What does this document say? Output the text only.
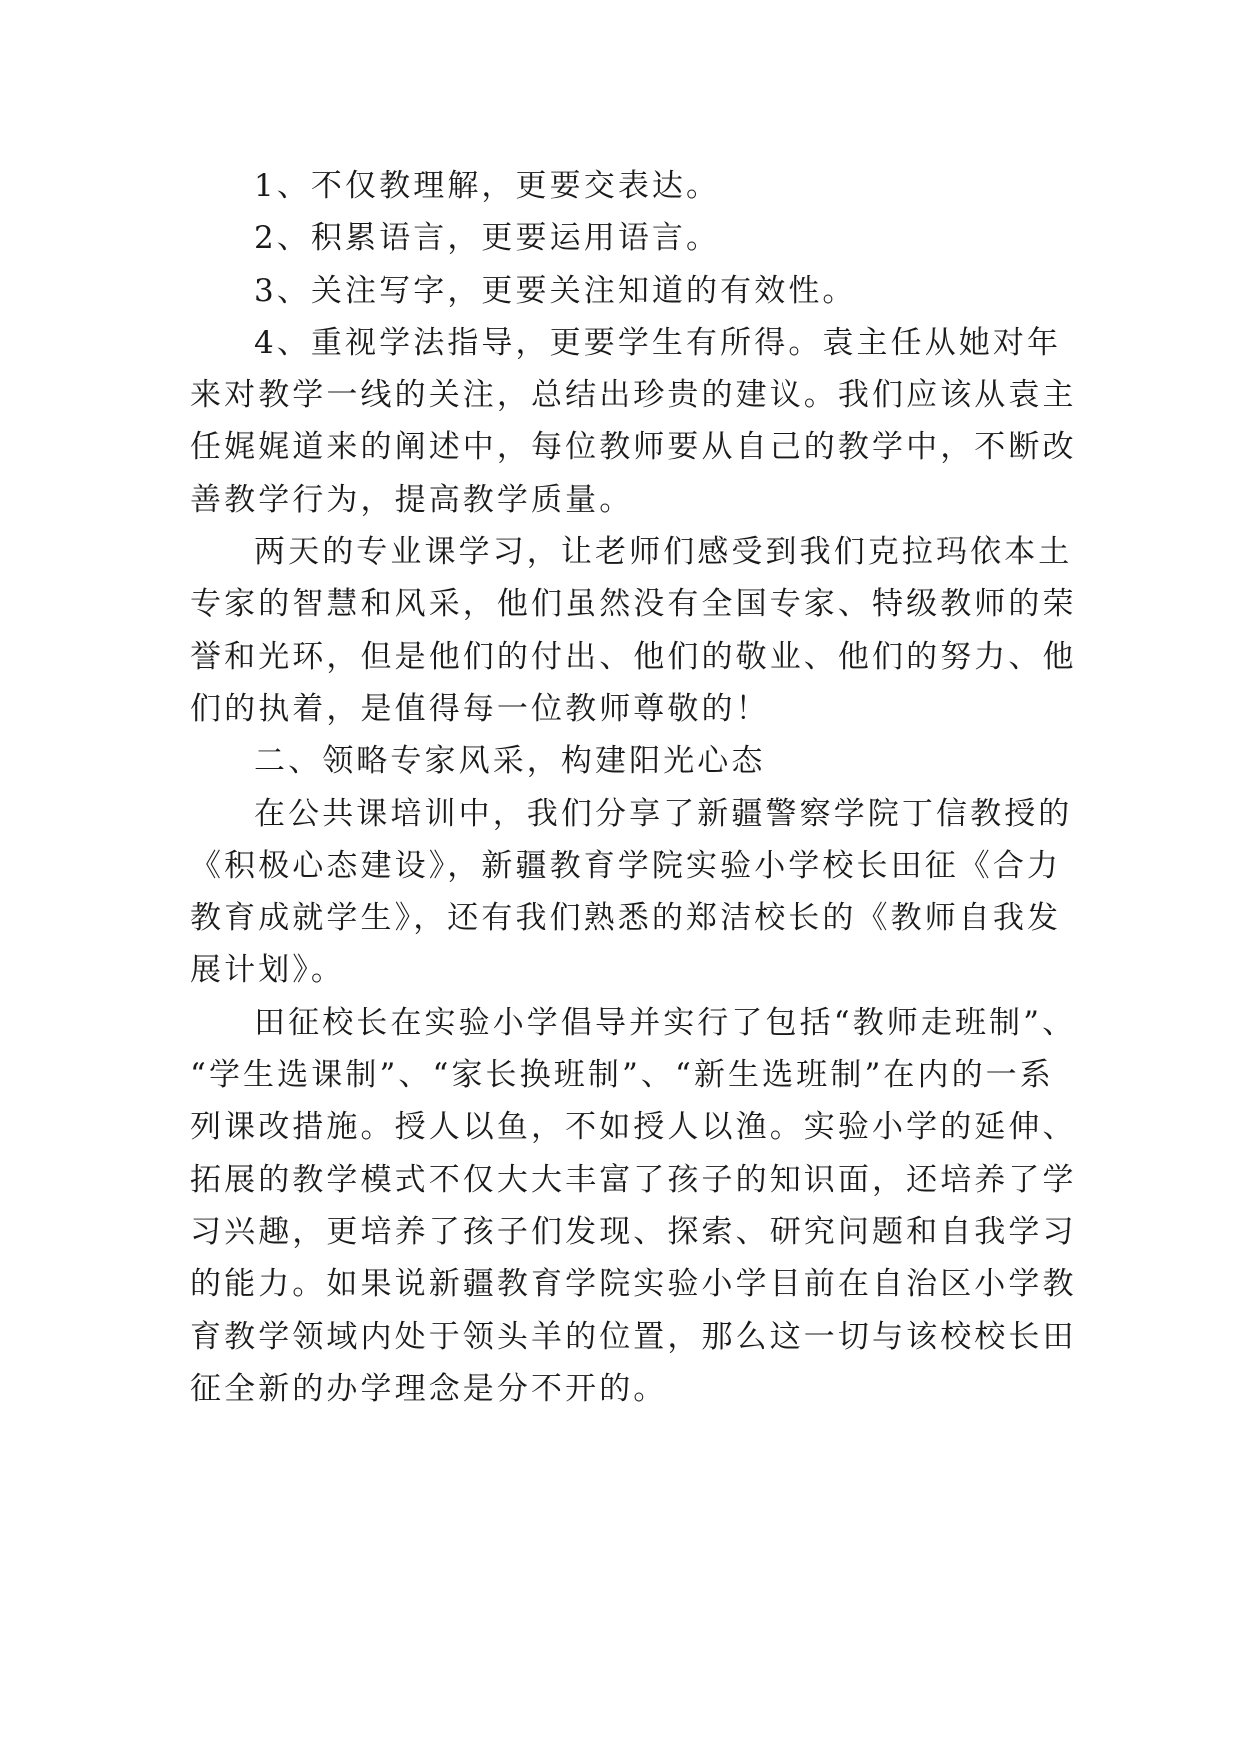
1、不仅教理解，更要交表达。
2、积累语言，更要运用语言。
3、关注写字，更要关注知道的有效性。
4、重视学法指导，更要学生有所得。袁主任从她对年
来对教学一线的关注，总结出珍贵的建议。我们应该从袁主
任娓娓道来的阐述中，每位教师要从自己的教学中，不断改
善教学行为，提高教学质量。
两天的专业课学习，让老师们感受到我们克拉玛依本土
专家的智慧和风采，他们虽然没有全国专家、特级教师的荣
誉和光环，但是他们的付出、他们的敬业、他们的努力、他
们的执着，是值得每一位教师尊敬的！
二、领略专家风采，构建阳光心态
在公共课培训中，我们分享了新疆警察学院丁信教授的
《积极心态建设》，新疆教育学院实验小学校长田征《合力
教育成就学生》，还有我们熟悉的郑洁校长的《教师自我发
展计划》。
田征校长在实验小学倡导并实行了包括“教师走班制”、
“学生选课制”、“家长换班制”、“新生选班制”在内的一系
列课改措施。授人以鱼，不如授人以渔。实验小学的延伸、
拓展的教学模式不仅大大丰富了孩子的知识面，还培养了学
习兴趣，更培养了孩子们发现、探索、研究问题和自我学习
的能力。如果说新疆教育学院实验小学目前在自治区小学教
育教学领域内处于领头羊的位置，那么这一切与该校校长田
征全新的办学理念是分不开的。
